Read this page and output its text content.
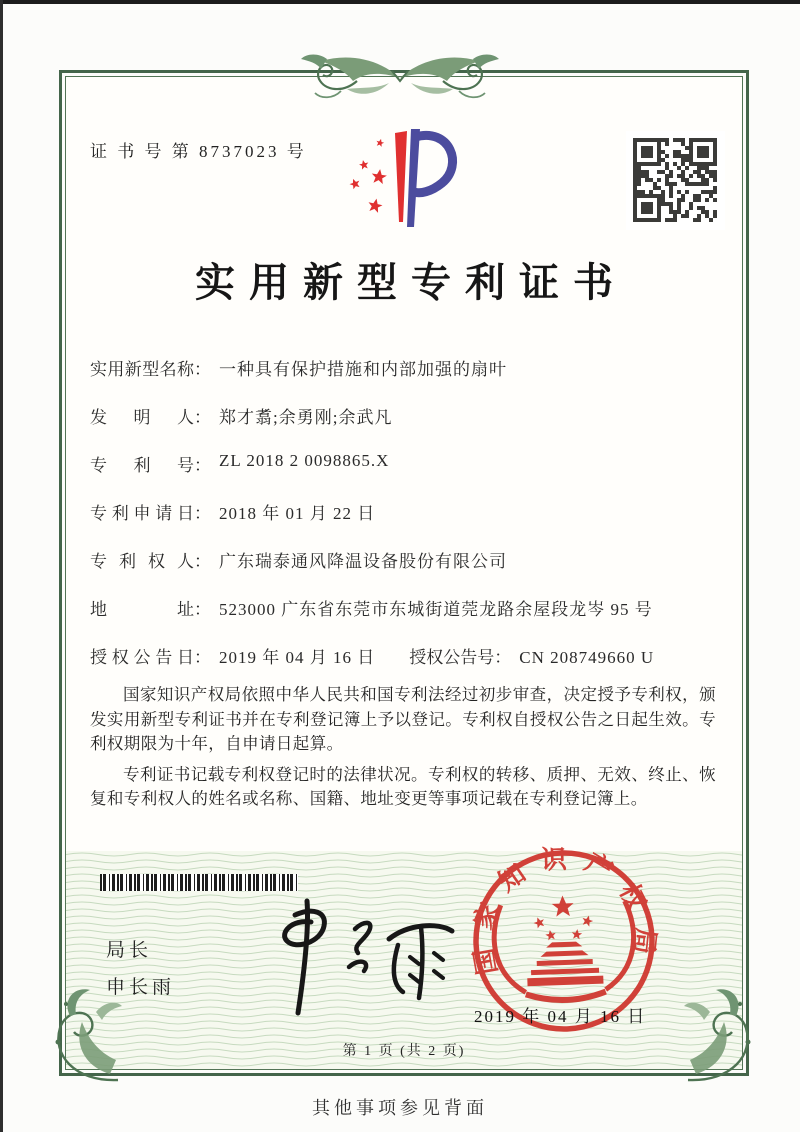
证 书 号 第 8737023 号
实用新型专利证书
实用新型名称 ： 一种具有保护措施和内部加强的扇叶
发明人 ： 郑才翥;余勇刚;余武凡
专利号 ： ZL 2018 2 0098865.X
专利申请日 ： 2018 年 01 月 22 日
专利权人 ： 广东瑞泰通风降温设备股份有限公司
地址 ： 523000 广东省东莞市东城街道莞龙路余屋段龙岑 95 号
授权公告日 ： 2019 年 04 月 16 日 授权公告号： CN 208749660 U

国家知识产权局依照中华人民共和国专利法经过初步审查，决定授予专利权，颁发实用新型专利证书并在专利登记簿上予以登记。专利权自授权公告之日起生效。专利权期限为十年，自申请日起算。

专利证书记载专利权登记时的法律状况。专利权的转移、质押、无效、终止、恢复和专利权人的姓名或名称、国籍、地址变更等事项记载在专利登记簿上。

局长
申长雨
国家知识产权局
2019 年 04 月 16 日
第 1 页 (共 2 页)
其他事项参见背面
